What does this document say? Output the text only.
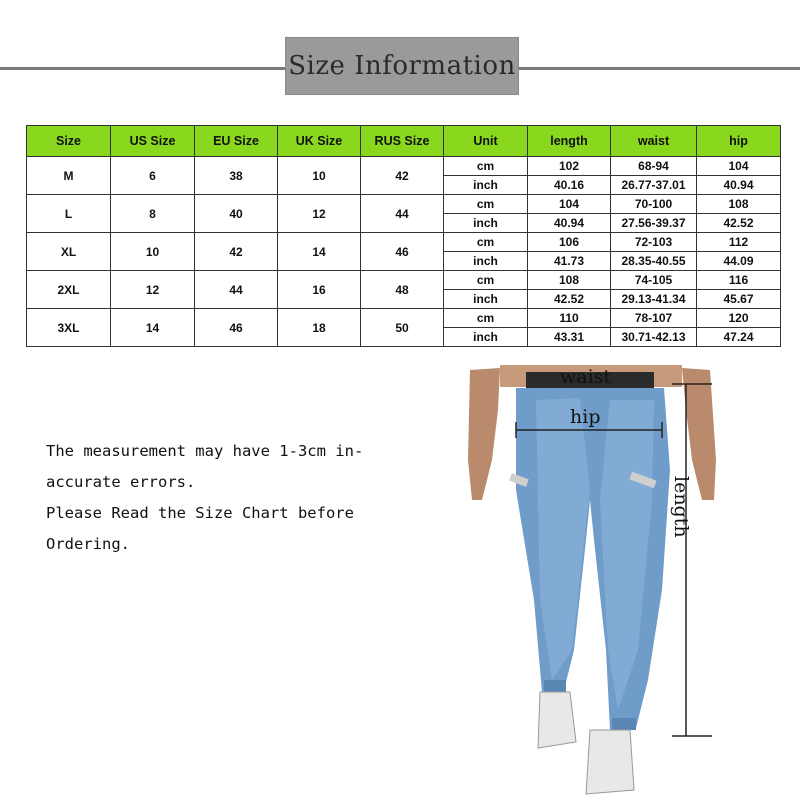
Size Information
Size	US Size	EU Size	UK Size	RUS Size	Unit	length	waist	hip
M	6	38	10	42	cm	102	68-94	104
					inch	40.16	26.77-37.01	40.94
L	8	40	12	44	cm	104	70-100	108
					inch	40.94	27.56-39.37	42.52
XL	10	42	14	46	cm	106	72-103	112
					inch	41.73	28.35-40.55	44.09
2XL	12	44	16	48	cm	108	74-105	116
					inch	42.52	29.13-41.34	45.67
3XL	14	46	18	50	cm	110	78-107	120
					inch	43.31	30.71-42.13	47.24

The measurement may have 1-3cm in-
accurate errors.
Please Read the Size Chart before
Ordering.

waist
hip
length
